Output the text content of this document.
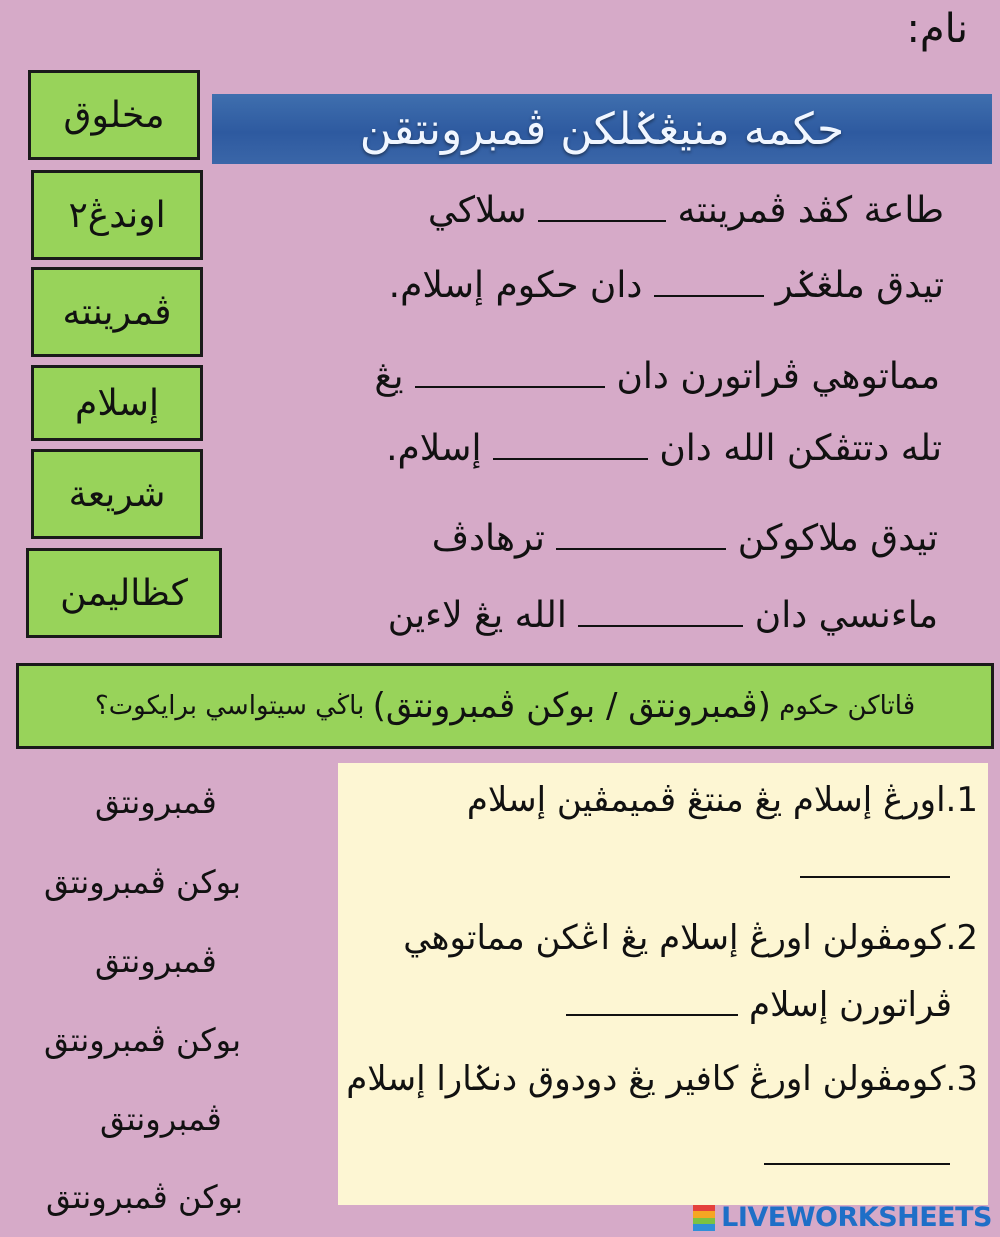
نام:
مخلوق
اوندڠ٢
ڤمرينته
إسلام
شريعة
كظاليمن
حكمه منيڠݢلكن ڤمبرونتقن
طاعة كڤد ڤمرينته  سلاكي
تيدق ملڠݢر  دان حكوم إسلام.
مماتوهي ڤراتورن دان  يڠ
تله دتتڤكن الله دان  إسلام.
تيدق ملاكوكن  ترهادڤ
ماءنسي دان  الله يڠ لاءين
ڤاتاكن حكوم

(ڤمبرونتق / بوكن ڤمبرونتق)

باڬي سيتواسي برايكوت؟
1.اورڠ إسلام يڠ منتڠ ڤميمڤين إسلام
2.كومڤولن اورڠ إسلام يڠ اڠكن مماتوهي
ڤراتورن إسلام
3.كومڤولن اورڠ كافير يڠ دودوق دنݢارا إسلام
ڤمبرونتق
بوكن ڤمبرونتق
ڤمبرونتق
بوكن ڤمبرونتق
ڤمبرونتق
بوكن ڤمبرونتق
LIVEWORKSHEETS
